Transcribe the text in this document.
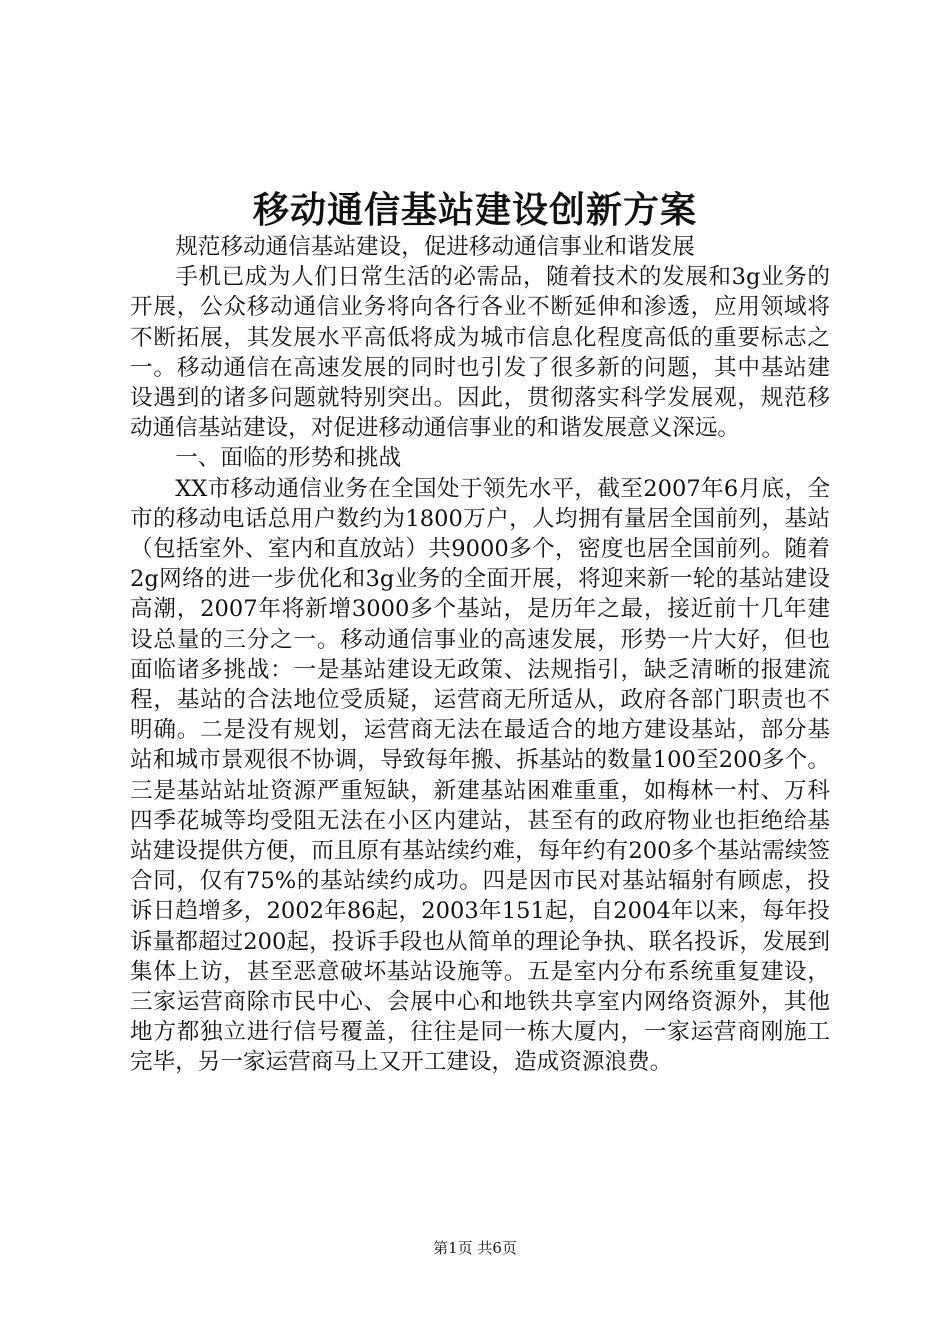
移动通信基站建设创新方案

规范移动通信基站建设，促进移动通信事业和谐发展

手机已成为人们日常生活的必需品，随着技术的发展和3g业务的开展，公众移动通信业务将向各行各业不断延伸和渗透，应用领域将不断拓展，其发展水平高低将成为城市信息化程度高低的重要标志之一。移动通信在高速发展的同时也引发了很多新的问题，其中基站建设遇到的诸多问题就特别突出。因此，贯彻落实科学发展观，规范移动通信基站建设，对促进移动通信事业的和谐发展意义深远。

一、面临的形势和挑战

XX市移动通信业务在全国处于领先水平，截至2007年6月底，全市的移动电话总用户数约为1800万户，人均拥有量居全国前列，基站（包括室外、室内和直放站）共9000多个，密度也居全国前列。随着2g网络的进一步优化和3g业务的全面开展，将迎来新一轮的基站建设高潮，2007年将新增3000多个基站，是历年之最，接近前十几年建设总量的三分之一。移动通信事业的高速发展，形势一片大好，但也面临诸多挑战：一是基站建设无政策、法规指引，缺乏清晰的报建流程，基站的合法地位受质疑，运营商无所适从，政府各部门职责也不明确。二是没有规划，运营商无法在最适合的地方建设基站，部分基站和城市景观很不协调，导致每年搬、拆基站的数量100至200多个。三是基站站址资源严重短缺，新建基站困难重重，如梅林一村、万科四季花城等均受阻无法在小区内建站，甚至有的政府物业也拒绝给基站建设提供方便，而且原有基站续约难，每年约有200多个基站需续签合同，仅有75%的基站续约成功。四是因市民对基站辐射有顾虑，投诉日趋增多，2002年86起，2003年151起，自2004年以来，每年投诉量都超过200起，投诉手段也从简单的理论争执、联名投诉，发展到集体上访，甚至恶意破坏基站设施等。五是室内分布系统重复建设，三家运营商除市民中心、会展中心和地铁共享室内网络资源外，其他地方都独立进行信号覆盖，往往是同一栋大厦内，一家运营商刚施工完毕，另一家运营商马上又开工建设，造成资源浪费。

第1页 共6页
